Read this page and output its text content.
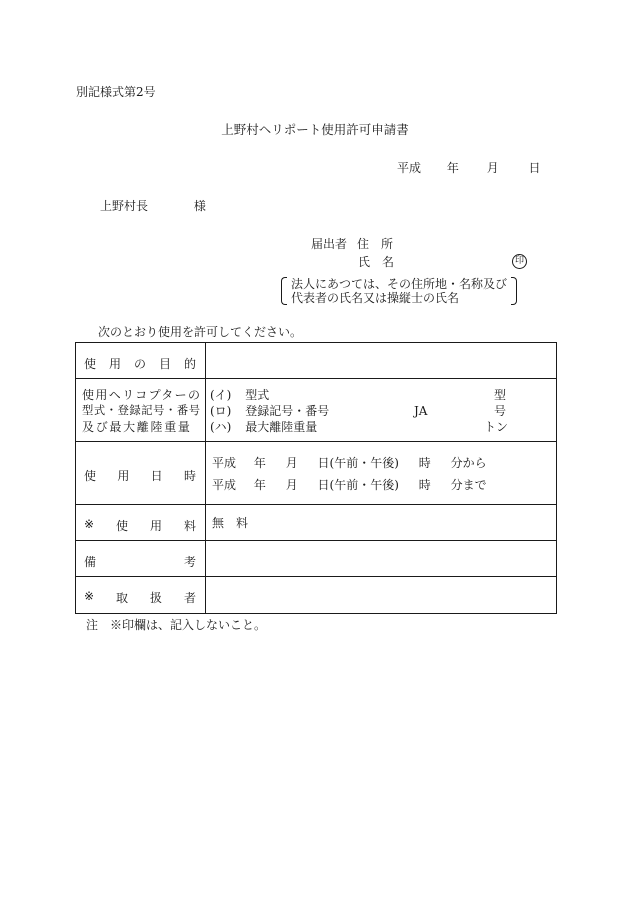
別記様式第2号
上野村ヘリポート使用許可申請書
平成 年 月 日
上野村長	様
届出者 住　所
氏　名	印
法人にあつては、その住所地・名称及び
代表者の氏名又は操縦士の氏名
次のとおり使用を許可してください。
使 用 の 目 的
使用ヘリコプターの
型式・登録記号・番号
及び最大離陸重量
(イ) 型式	型
(ロ) 登録記号・番号	JA	号
(ハ) 最大離陸重量	トン
使 用 日 時
平成 年 月 日(午前・午後) 時 分から
平成 年 月 日(午前・午後) 時 分まで
※ 使 用 料 無　料
備	考
※ 取 扱 者
注　※印欄は、記入しないこと。
